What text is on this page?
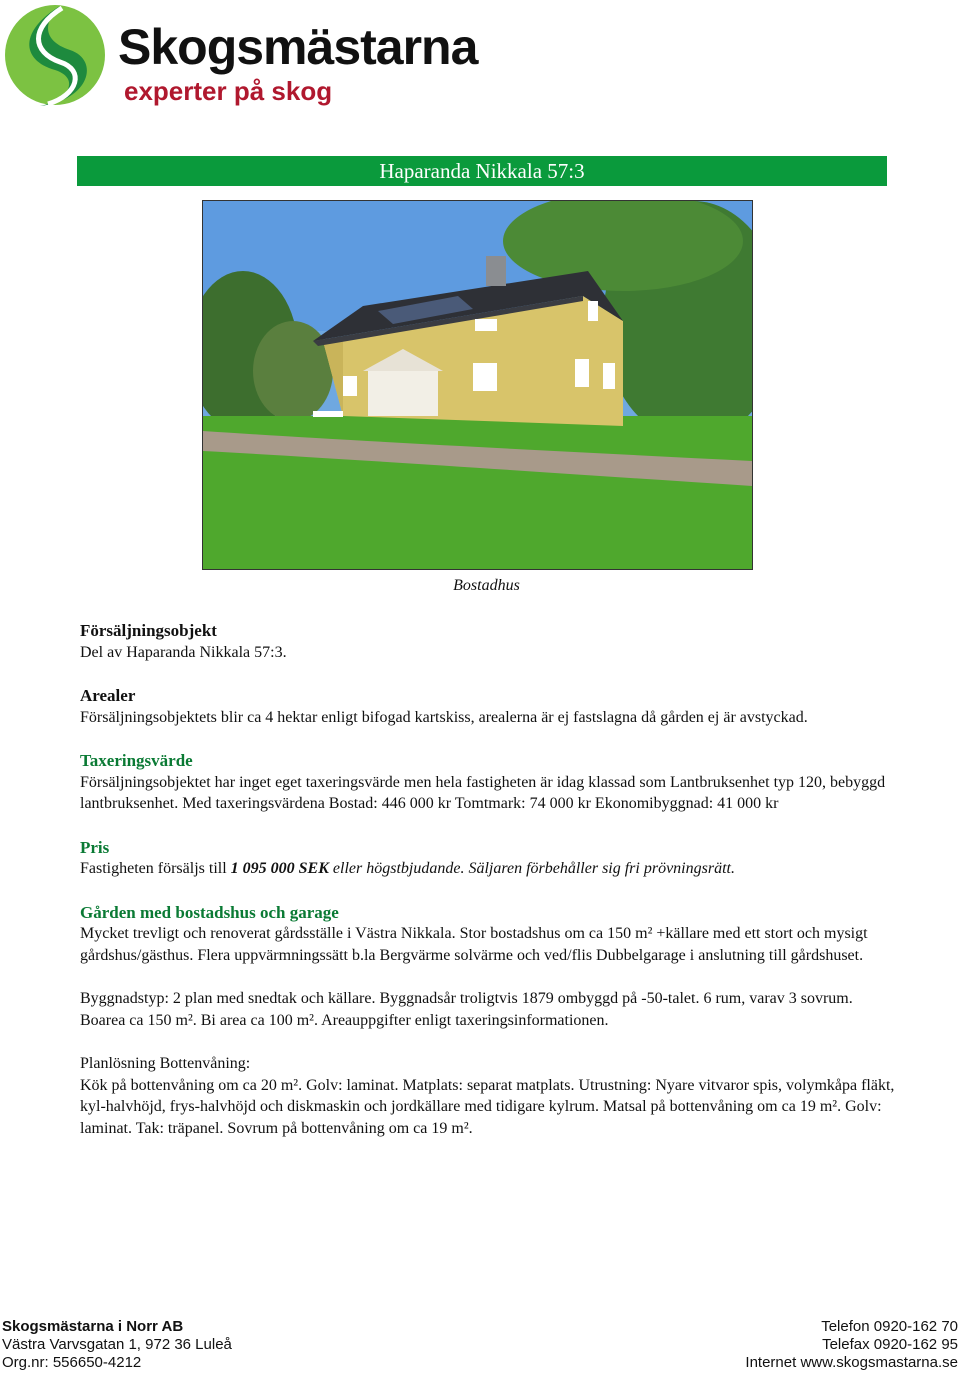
Skogsmästarna
experter på skog
Haparanda Nikkala 57:3
Bostadhus
Försäljningsobjekt
Del av Haparanda Nikkala 57:3.
Arealer
Försäljningsobjektets blir ca 4 hektar enligt bifogad kartskiss, arealerna är ej fastslagna då gården ej är avstyckad.
Taxeringsvärde
Försäljningsobjektet har inget eget taxeringsvärde men hela fastigheten är idag klassad som Lantbruksenhet typ 120, bebyggd lantbruksenhet. Med taxeringsvärdena Bostad: 446 000 kr Tomtmark: 74 000 kr Ekonomibyggnad: 41 000 kr
Pris
Fastigheten försäljs till 1 095 000 SEK eller högstbjudande. Säljaren förbehåller sig fri prövningsrätt.
Gården med bostadshus och garage
Mycket trevligt och renoverat gårdsställe i Västra Nikkala. Stor bostadshus om ca 150 m² +källare med ett stort och mysigt gårdshus/gästhus. Flera uppvärmningssätt b.la Bergvärme solvärme och ved/flis Dubbelgarage i anslutning till gårdshuset.
Byggnadstyp: 2 plan med snedtak och källare. Byggnadsår troligtvis 1879 ombyggd på -50-talet. 6 rum, varav 3 sovrum. Boarea ca 150 m². Bi area ca 100 m². Areauppgifter enligt taxeringsinformationen.
Planlösning Bottenvåning:
Kök på bottenvåning om ca 20 m². Golv: laminat. Matplats: separat matplats. Utrustning: Nyare vitvaror spis, volymkåpa fläkt, kyl-halvhöjd, frys-halvhöjd och diskmaskin och jordkällare med tidigare kylrum. Matsal på bottenvåning om ca 19 m². Golv: laminat. Tak: träpanel. Sovrum på bottenvåning om ca 19 m².
Skogsmästarna i Norr AB
Västra Varvsgatan 1, 972 36 Luleå
Org.nr: 556650-4212
Telefon 0920-162 70
Telefax 0920-162 95
Internet www.skogsmastarna.se
